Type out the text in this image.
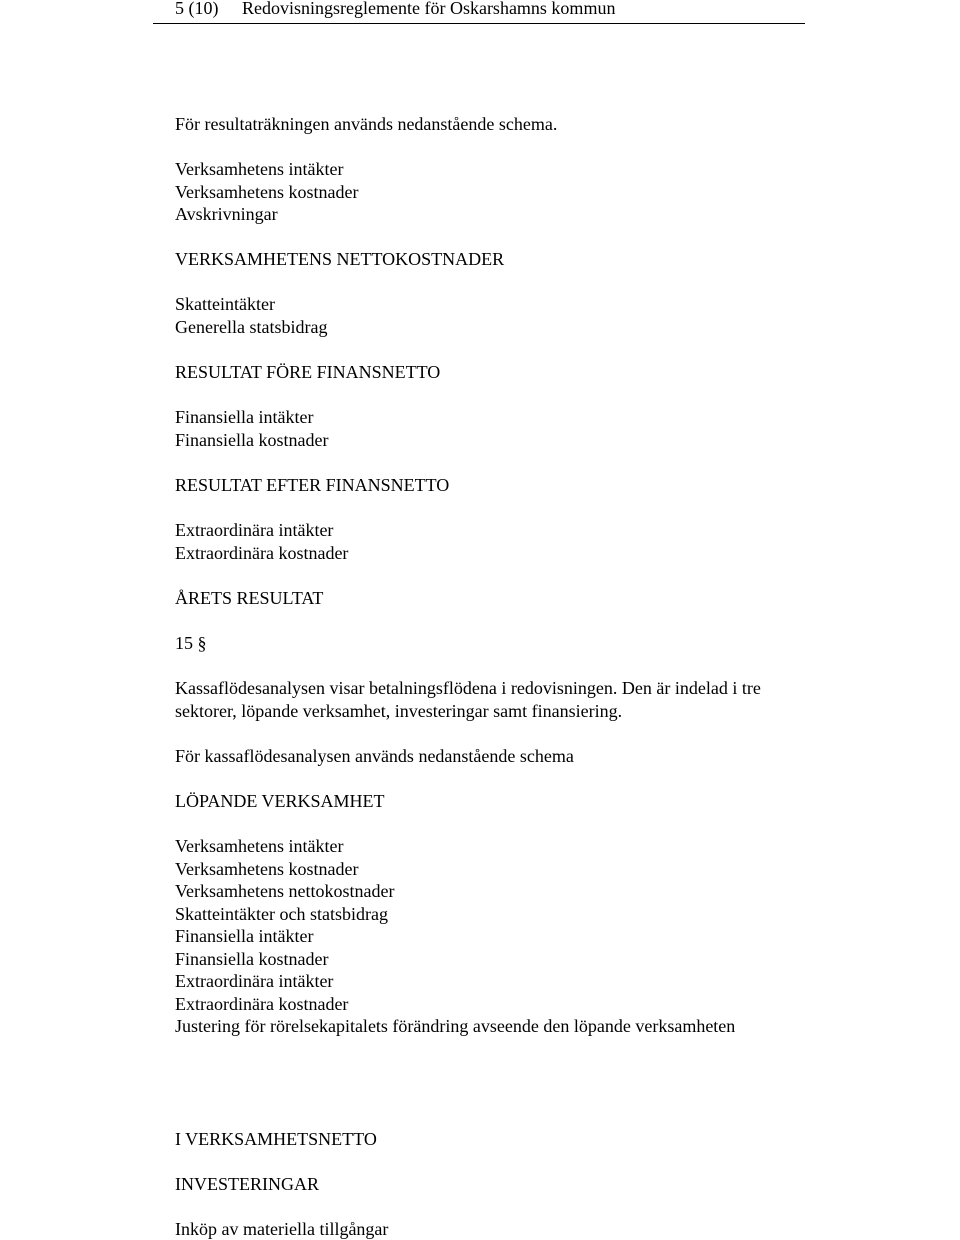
5 (10) Redovisningsreglemente för Oskarshamns kommun
För resultaträkningen används nedanstående schema.
Verksamhetens intäkter
Verksamhetens kostnader
Avskrivningar
VERKSAMHETENS NETTOKOSTNADER
Skatteintäkter
Generella statsbidrag
RESULTAT FÖRE FINANSNETTO
Finansiella intäkter
Finansiella kostnader
RESULTAT EFTER FINANSNETTO
Extraordinära intäkter
Extraordinära kostnader
ÅRETS RESULTAT
15 §
Kassaflödesanalysen visar betalningsflödena i redovisningen. Den är indelad i tre sektorer, löpande verksamhet, investeringar samt finansiering.
För kassaflödesanalysen används nedanstående schema
LÖPANDE VERKSAMHET
Verksamhetens intäkter
Verksamhetens kostnader
Verksamhetens nettokostnader
Skatteintäkter och statsbidrag
Finansiella intäkter
Finansiella kostnader
Extraordinära intäkter
Extraordinära kostnader
Justering för rörelsekapitalets förändring avseende den löpande verksamheten
I VERKSAMHETSNETTO
INVESTERINGAR
Inköp av materiella tillgångar
